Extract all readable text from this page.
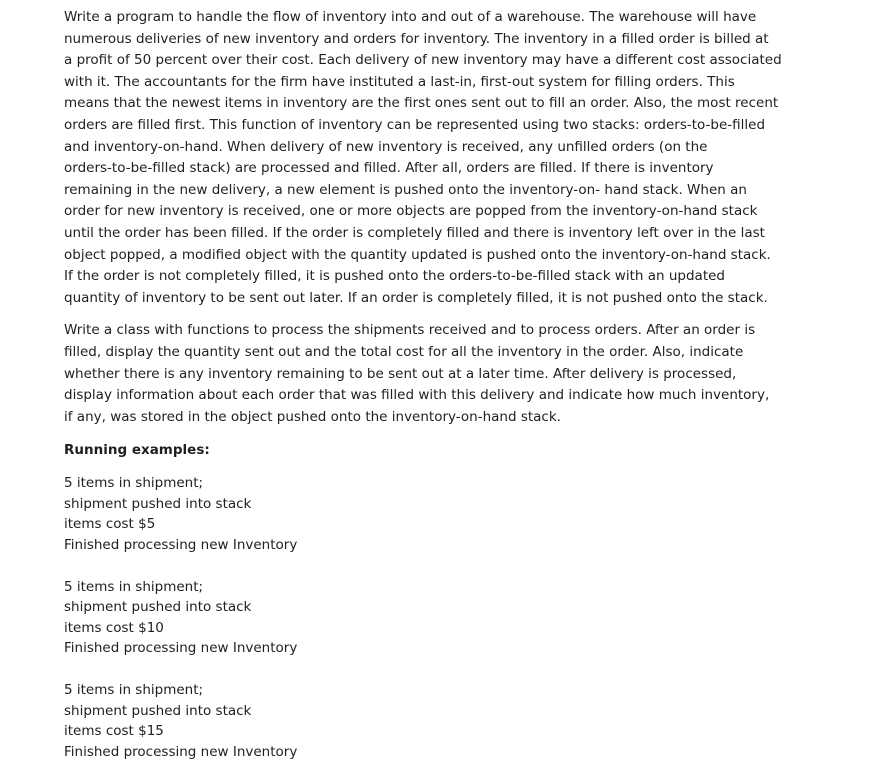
Write a program to handle the flow of inventory into and out of a warehouse. The warehouse will have
numerous deliveries of new inventory and orders for inventory. The inventory in a filled order is billed at
a profit of 50 percent over their cost. Each delivery of new inventory may have a different cost associated
with it. The accountants for the firm have instituted a last-in, first-out system for filling orders. This
means that the newest items in inventory are the first ones sent out to fill an order. Also, the most recent
orders are filled first. This function of inventory can be represented using two stacks: orders-to-be-filled
and inventory-on-hand. When delivery of new inventory is received, any unfilled orders (on the
orders-to-be-filled stack) are processed and filled. After all, orders are filled. If there is inventory
remaining in the new delivery, a new element is pushed onto the inventory-on- hand stack. When an
order for new inventory is received, one or more objects are popped from the inventory-on-hand stack
until the order has been filled. If the order is completely filled and there is inventory left over in the last
object popped, a modified object with the quantity updated is pushed onto the inventory-on-hand stack.
If the order is not completely filled, it is pushed onto the orders-to-be-filled stack with an updated
quantity of inventory to be sent out later. If an order is completely filled, it is not pushed onto the stack.

Write a class with functions to process the shipments received and to process orders. After an order is
filled, display the quantity sent out and the total cost for all the inventory in the order. Also, indicate
whether there is any inventory remaining to be sent out at a later time. After delivery is processed,
display information about each order that was filled with this delivery and indicate how much inventory,
if any, was stored in the object pushed onto the inventory-on-hand stack.

Running examples:

5 items in shipment;
shipment pushed into stack
items cost $5
Finished processing new Inventory
5 items in shipment;
shipment pushed into stack
items cost $10
Finished processing new Inventory
5 items in shipment;
shipment pushed into stack
items cost $15
Finished processing new Inventory
